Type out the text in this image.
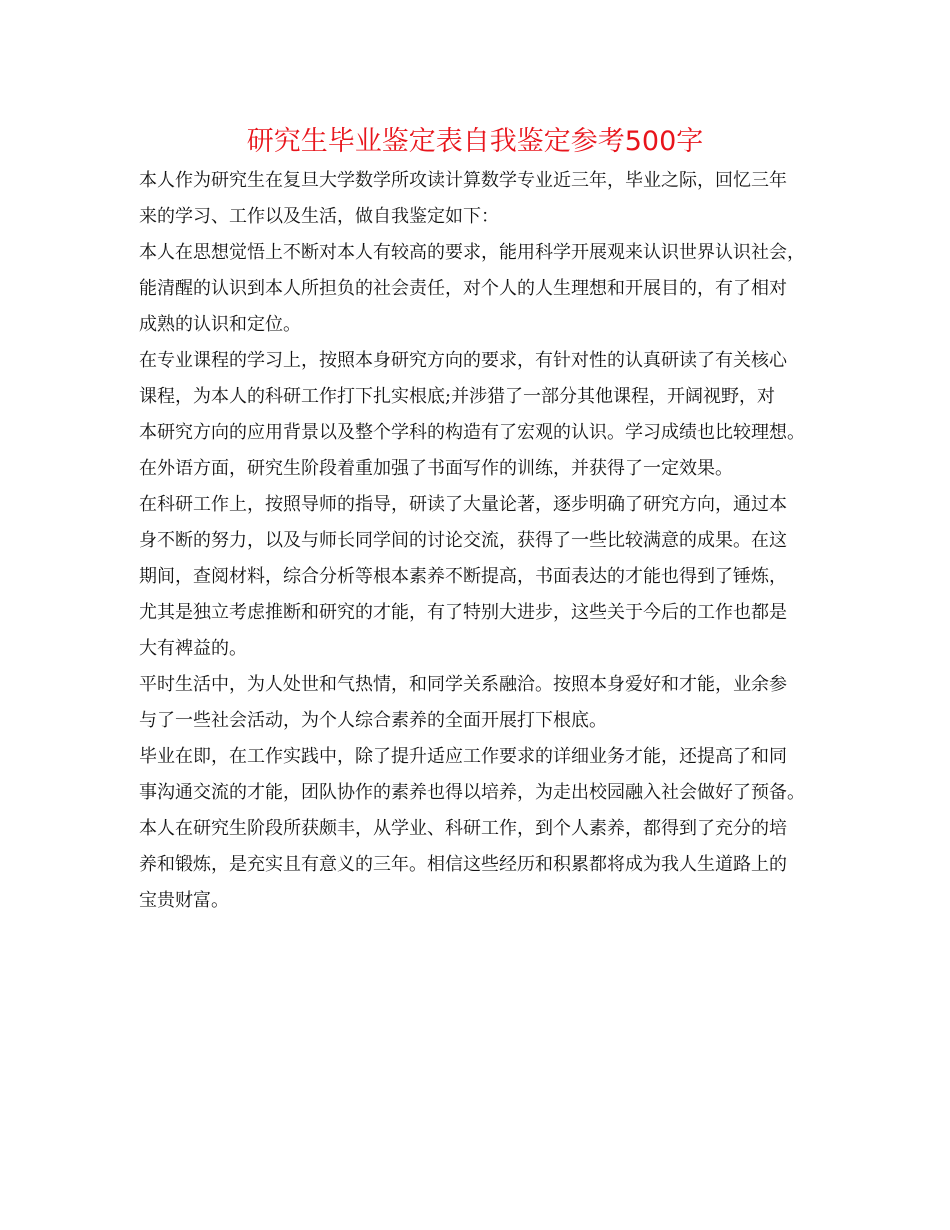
研究生毕业鉴定表自我鉴定参考500字
本人作为研究生在复旦大学数学所攻读计算数学专业近三年，毕业之际，回忆三年
来的学习、工作以及生活，做自我鉴定如下：
本人在思想觉悟上不断对本人有较高的要求，能用科学开展观来认识世界认识社会，
能清醒的认识到本人所担负的社会责任，对个人的人生理想和开展目的，有了相对
成熟的认识和定位。
在专业课程的学习上，按照本身研究方向的要求，有针对性的认真研读了有关核心
课程，为本人的科研工作打下扎实根底;并涉猎了一部分其他课程，开阔视野，对
本研究方向的应用背景以及整个学科的构造有了宏观的认识。学习成绩也比较理想。
在外语方面，研究生阶段着重加强了书面写作的训练，并获得了一定效果。
在科研工作上，按照导师的指导，研读了大量论著，逐步明确了研究方向，通过本
身不断的努力，以及与师长同学间的讨论交流，获得了一些比较满意的成果。在这
期间，查阅材料，综合分析等根本素养不断提高，书面表达的才能也得到了锤炼，
尤其是独立考虑推断和研究的才能，有了特别大进步，这些关于今后的工作也都是
大有裨益的。
平时生活中，为人处世和气热情，和同学关系融洽。按照本身爱好和才能，业余参
与了一些社会活动，为个人综合素养的全面开展打下根底。
毕业在即，在工作实践中，除了提升适应工作要求的详细业务才能，还提高了和同
事沟通交流的才能，团队协作的素养也得以培养，为走出校园融入社会做好了预备。
本人在研究生阶段所获颇丰，从学业、科研工作，到个人素养，都得到了充分的培
养和锻炼，是充实且有意义的三年。相信这些经历和积累都将成为我人生道路上的
宝贵财富。
